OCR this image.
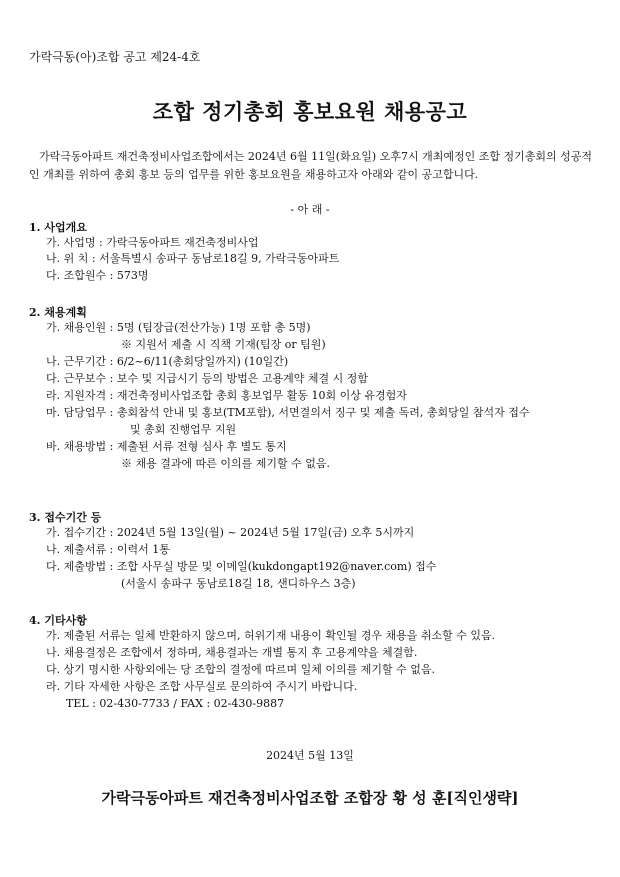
가락극동(아)조합 공고 제24-4호
조합 정기총회 홍보요원 채용공고
가락극동아파트 재건축정비사업조합에서는 2024년 6월 11일(화요일) 오후7시 개최예정인 조합 정기총회의 성공적인 개최를 위하여 총회 홍보 등의 업무를 위한 홍보요원을 채용하고자 아래와 같이 공고합니다.
- 아 래 -
1. 사업개요
가. 사업명 : 가락극동아파트 재건축정비사업
나. 위 치 : 서울특별시 송파구 동남로18길 9, 가락극동아파트
다. 조합원수 : 573명
2. 채용계획
가. 채용인원 : 5명 (팀장급(전산가능) 1명 포함 총 5명)
※ 지원서 제출 시 직책 기재(팀장 or 팀원)
나. 근무기간 : 6/2~6/11(총회당일까지) (10일간)
다. 근무보수 : 보수 및 지급시기 등의 방법은 고용계약 체결 시 정함
라. 지원자격 : 재건축정비사업조합 총회 홍보업무 활동 10회 이상 유경험자
마. 담당업무 : 총회참석 안내 및 홍보(TM포함), 서면결의서 징구 및 제출 독려, 총회당일 참석자 접수
및 총회 진행업무 지원
바. 채용방법 : 제출된 서류 전형 심사 후 별도 통지
※ 채용 결과에 따른 이의를 제기할 수 없음.
3. 접수기간 등
가. 접수기간 : 2024년 5월 13일(월) ~ 2024년 5월 17일(금) 오후 5시까지
나. 제출서류 : 이력서 1통
다. 제출방법 : 조합 사무실 방문 및 이메일(kukdongapt192@naver.com) 접수
(서울시 송파구 동남로18길 18, 샌디하우스 3층)
4. 기타사항
가. 제출된 서류는 일체 반환하지 않으며, 허위기재 내용이 확인될 경우 채용을 취소할 수 있음.
나. 채용결정은 조합에서 정하며, 채용결과는 개별 통지 후 고용계약을 체결함.
다. 상기 명시한 사항외에는 당 조합의 결정에 따르며 일체 이의를 제기할 수 없음.
라. 기타 자세한 사항은 조합 사무실로 문의하여 주시기 바랍니다.
TEL : 02-430-7733 / FAX : 02-430-9887
2024년 5월 13일
가락극동아파트 재건축정비사업조합 조합장 황 성 훈[직인생략]
